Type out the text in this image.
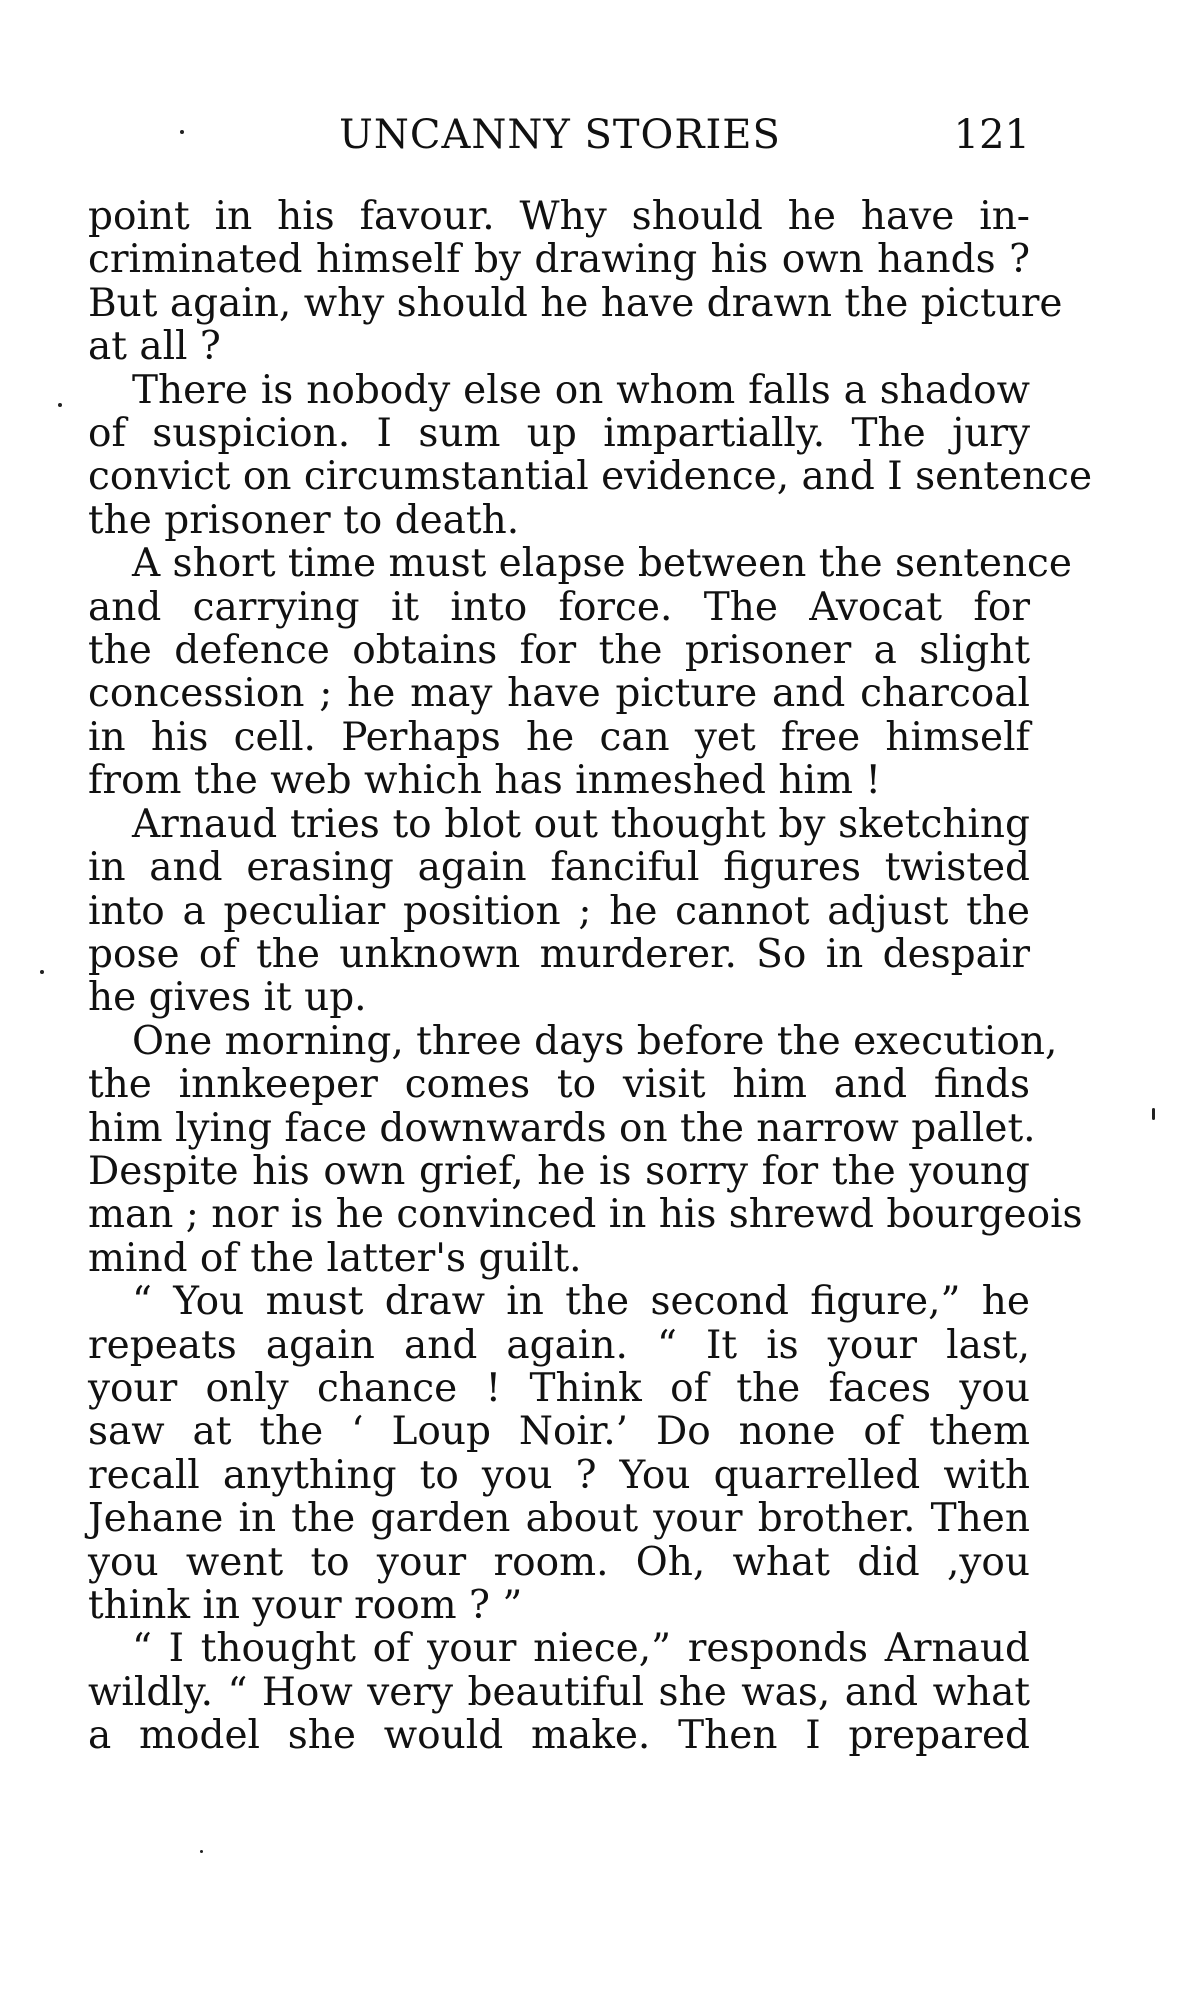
UNCANNY STORIES	121

point in his favour. Why should he have in-
criminated himself by drawing his own hands ?
But again, why should he have drawn the picture
at all ?

There is nobody else on whom falls a shadow
of suspicion. I sum up impartially. The jury
convict on circumstantial evidence, and I sentence
the prisoner to death.

A short time must elapse between the sentence
and carrying it into force. The Avocat for
the defence obtains for the prisoner a slight
concession ; he may have picture and charcoal
in his cell. Perhaps he can yet free himself
from the web which has inmeshed him !

Arnaud tries to blot out thought by sketching
in and erasing again fanciful figures twisted
into a peculiar position ; he cannot adjust the
pose of the unknown murderer. So in despair
he gives it up.

One morning, three days before the execution,
the innkeeper comes to visit him and finds
him lying face downwards on the narrow pallet.
Despite his own grief, he is sorry for the young
man ; nor is he convinced in his shrewd bourgeois
mind of the latter's guilt.

“ You must draw in the second figure,” he
repeats again and again. “ It is your last,
your only chance ! Think of the faces you
saw at the ‘ Loup Noir.’ Do none of them
recall anything to you ? You quarrelled with
Jehane in the garden about your brother. Then
you went to your room. Oh, what did ,you
think in your room ? ”

“ I thought of your niece,” responds Arnaud
wildly. “ How very beautiful she was, and what
a model she would make. Then I prepared
